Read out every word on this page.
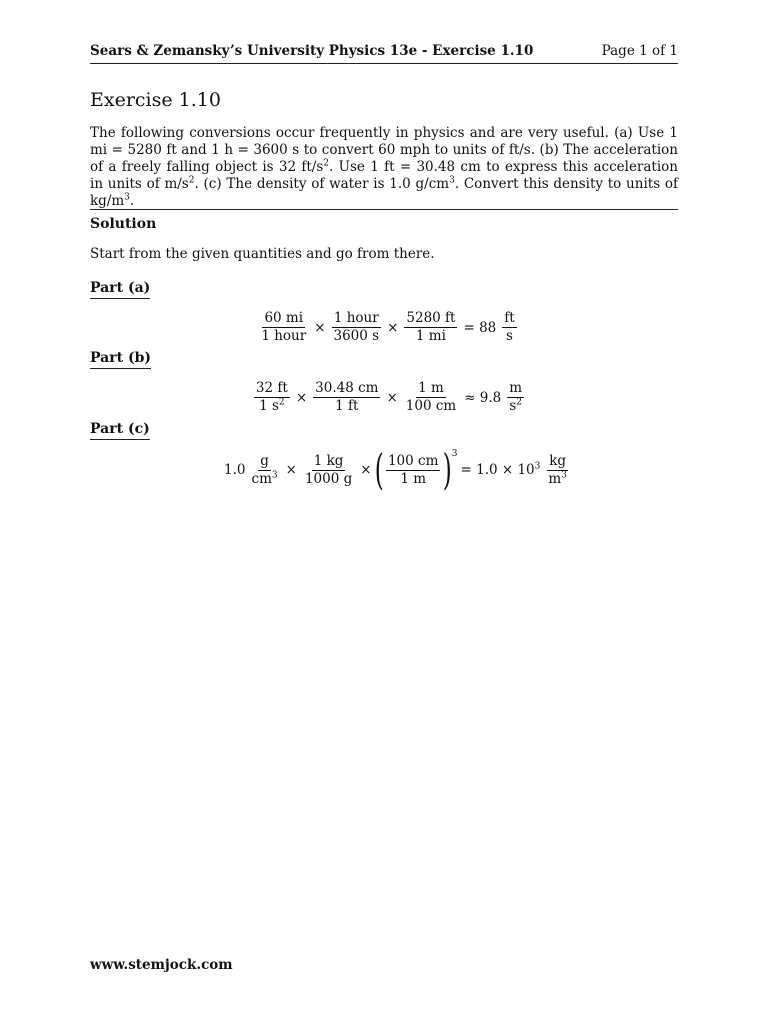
Sears & Zemansky’s University Physics 13e - Exercise 1.10	Page 1 of 1
Exercise 1.10
The following conversions occur frequently in physics and are very useful. (a) Use 1 mi = 5280 ft and 1 h = 3600 s to convert 60 mph to units of ft/s. (b) The acceleration of a freely falling object is 32 $ft/s^2$. Use 1 ft = 30.48 cm to express this acceleration in units of $m/s^2$. (c) The density of water is 1.0 $g/cm^3$. Convert this density to units of $kg/m^3$.
Solution
Start from the given quantities and go from there.
Part (a)
$\frac{60 mi}{\text{1 hour}} \times \frac{\text{1 hour}}{3600 s} \times \frac{5280 ft}{1 mi} = 88 \frac{ft}{s}$
Part (b)
$\frac{32 ft}{1 s^2} \times \frac{30.48 cm}{1 ft} \times \frac{1 m}{100 cm} \approx 9.8 \frac{m}{s^2}$
Part (c)
$1.0 \frac{g}{cm^3} \times \frac{1 kg}{1000 g}$ × ( $\frac{100 cm}{1 m}$ ) 3
= $1.0 \times 10^3 \frac{kg}{m^3}$
www.stemjock.com
